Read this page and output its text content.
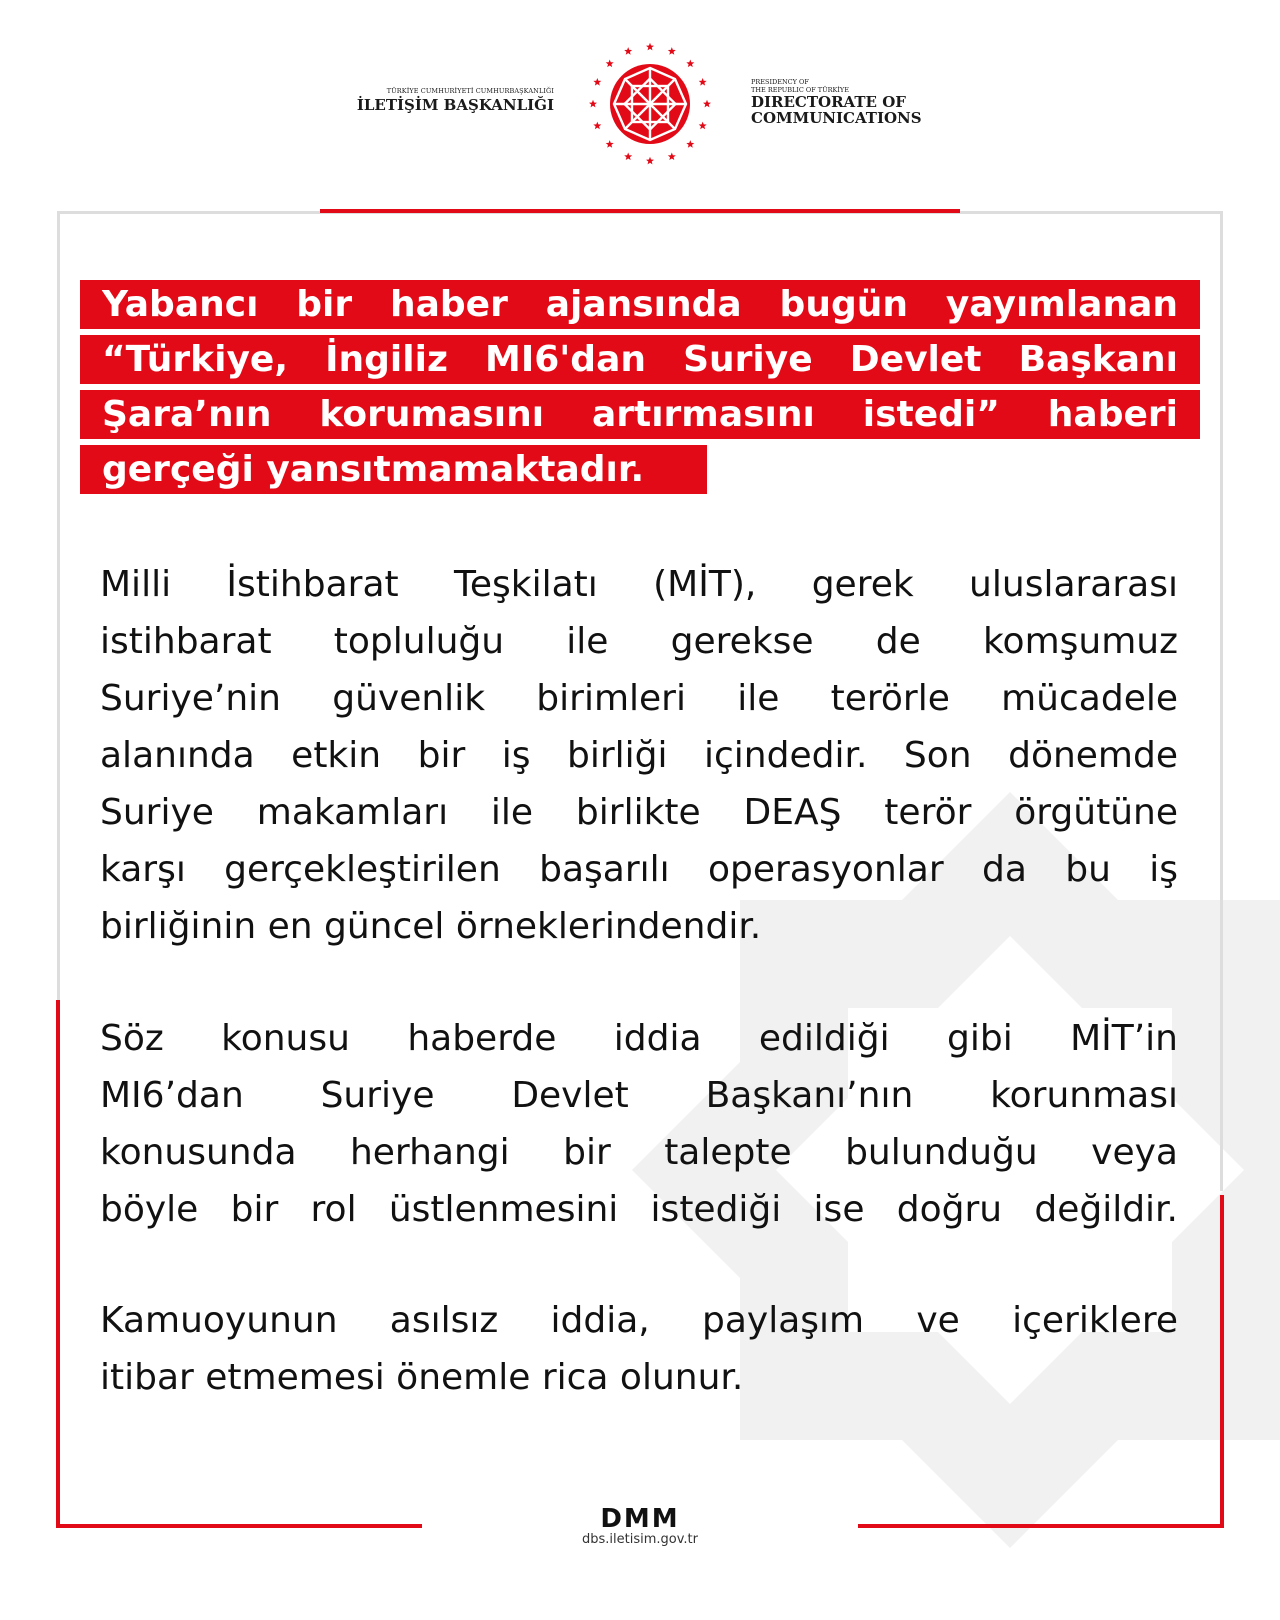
TÜRKİYE CUMHURİYETİ CUMHURBAŞKANLIĞI
İLETİŞİM BAŞKANLIĞI
PRESIDENCY OF
THE REPUBLIC OF TÜRKİYE
DIRECTORATE OF
COMMUNICATIONS
Yabancı bir haber ajansında bugün yayımlanan
“Türkiye, İngiliz MI6'dan Suriye Devlet Başkanı
Şara’nın korumasını artırmasını istedi” haberi
gerçeği yansıtmamaktadır.
Milli İstihbarat Teşkilatı (MİT), gerek uluslararası
istihbarat topluluğu ile gerekse de komşumuz
Suriye’nin güvenlik birimleri ile terörle mücadele
alanında etkin bir iş birliği içindedir. Son dönemde
Suriye makamları ile birlikte DEAŞ terör örgütüne
karşı gerçekleştirilen başarılı operasyonlar da bu iş
birliğinin en güncel örneklerindendir.
Söz konusu haberde iddia edildiği gibi MİT’in
MI6’dan Suriye Devlet Başkanı’nın korunması
konusunda herhangi bir talepte bulunduğu veya
böyle bir rol üstlenmesini istediği ise doğru değildir.
Kamuoyunun asılsız iddia, paylaşım ve içeriklere
itibar etmemesi önemle rica olunur.
DMM
dbs.iletisim.gov.tr
